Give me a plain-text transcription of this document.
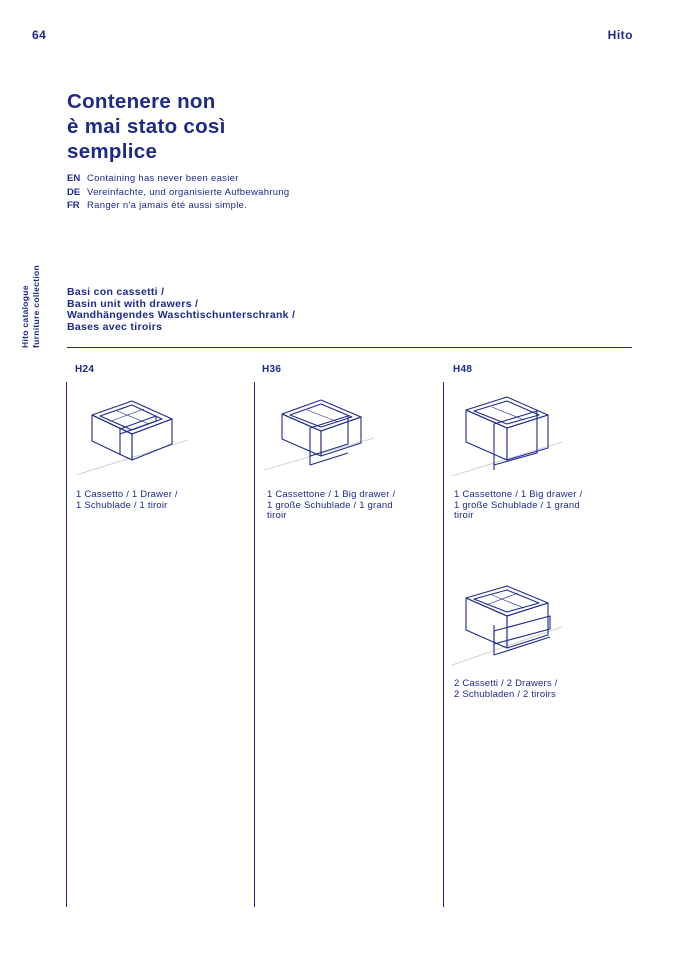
64	Hito
Hito catalogue furniture collection
Contenere non
è mai stato così
semplice
EN Containing has never been easier
DE Vereinfachte, und organisierte Aufbewahrung
FR Ranger n'a jamais été aussi simple.
Basi con cassetti /
Basin unit with drawers /
Wandhängendes Waschtischunterschrank /
Bases avec tiroirs
H24	H36	H48
1 Cassetto / 1 Drawer /
1 Schublade / 1 tiroir
1 Cassettone / 1 Big drawer /
1 große Schublade / 1 grand
tiroir
1 Cassettone / 1 Big drawer /
1 große Schublade / 1 grand
tiroir
2 Cassetti / 2 Drawers /
2 Schubladen / 2 tiroirs
